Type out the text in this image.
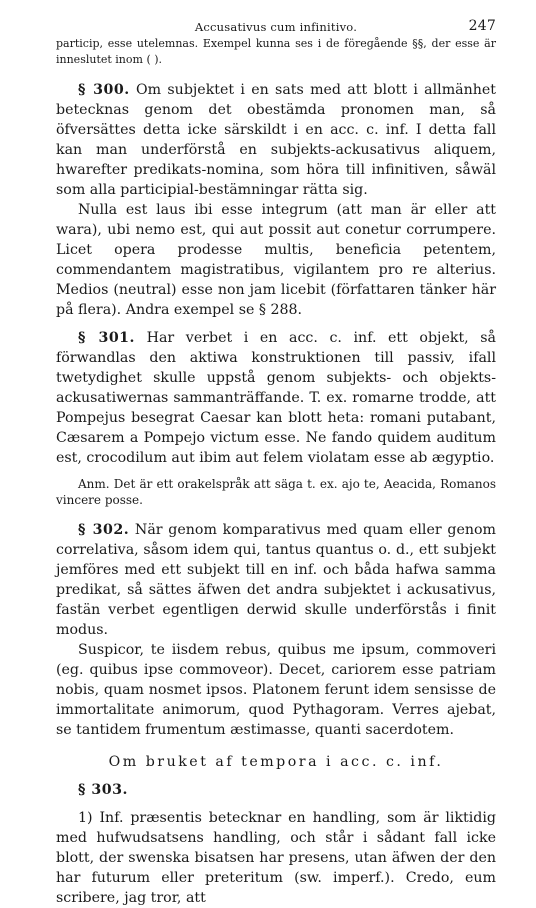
Accusativus cum infinitivo.	247

particip, esse utelemnas. Exempel kunna ses i de föregående §§, der esse är inneslutet inom ( ).

§ 300. Om subjektet i en sats med att blott i allmänhet betecknas genom det obestämda pronomen man, så öfversättes detta icke särskildt i en acc. c. inf. I detta fall kan man underförstå en subjekts-ackusativus aliquem, hwarefter predikats-nomina, som höra till infinitiven, såwäl som alla participial-bestämningar rätta sig.

Nulla est laus ibi esse integrum (att man är eller att wara), ubi nemo est, qui aut possit aut conetur corrumpere. Licet opera prodesse multis, beneficia petentem, commendantem magistratibus, vigilantem pro re alterius. Medios (neutral) esse non jam licebit (författaren tänker här på flera). Andra exempel se § 288.

§ 301. Har verbet i en acc. c. inf. ett objekt, så förwandlas den aktiwa konstruktionen till passiv, ifall twetydighet skulle uppstå genom subjekts- och objekts-ackusatiwernas sammanträffande. T. ex. romarne trodde, att Pompejus besegrat Caesar kan blott heta: romani putabant, Cæsarem a Pompejo victum esse. Ne fando quidem auditum est, crocodilum aut ibim aut felem violatam esse ab ægyptio.

Anm. Det är ett orakelspråk att säga t. ex. ajo te, Aeacida, Romanos vincere posse.

§ 302. När genom komparativus med quam eller genom correlativa, såsom idem qui, tantus quantus o. d., ett subjekt jemföres med ett subjekt till en inf. och båda hafwa samma predikat, så sättes äfwen det andra subjektet i ackusativus, fastän verbet egentligen derwid skulle underförstås i finit modus.

Suspicor, te iisdem rebus, quibus me ipsum, commoveri (eg. quibus ipse commoveor). Decet, cariorem esse patriam nobis, quam nosmet ipsos. Platonem ferunt idem sensisse de immortalitate animorum, quod Pythagoram. Verres ajebat, se tantidem frumentum æstimasse, quanti sacerdotem.

Om bruket af tempora i acc. c. inf.

§ 303.

1) Inf. præsentis betecknar en handling, som är liktidig med hufwudsatsens handling, och står i sådant fall icke blott, der swenska bisatsen har presens, utan äfwen der den har futurum eller preteritum (sw. imperf.). Credo, eum scribere, jag tror, att
